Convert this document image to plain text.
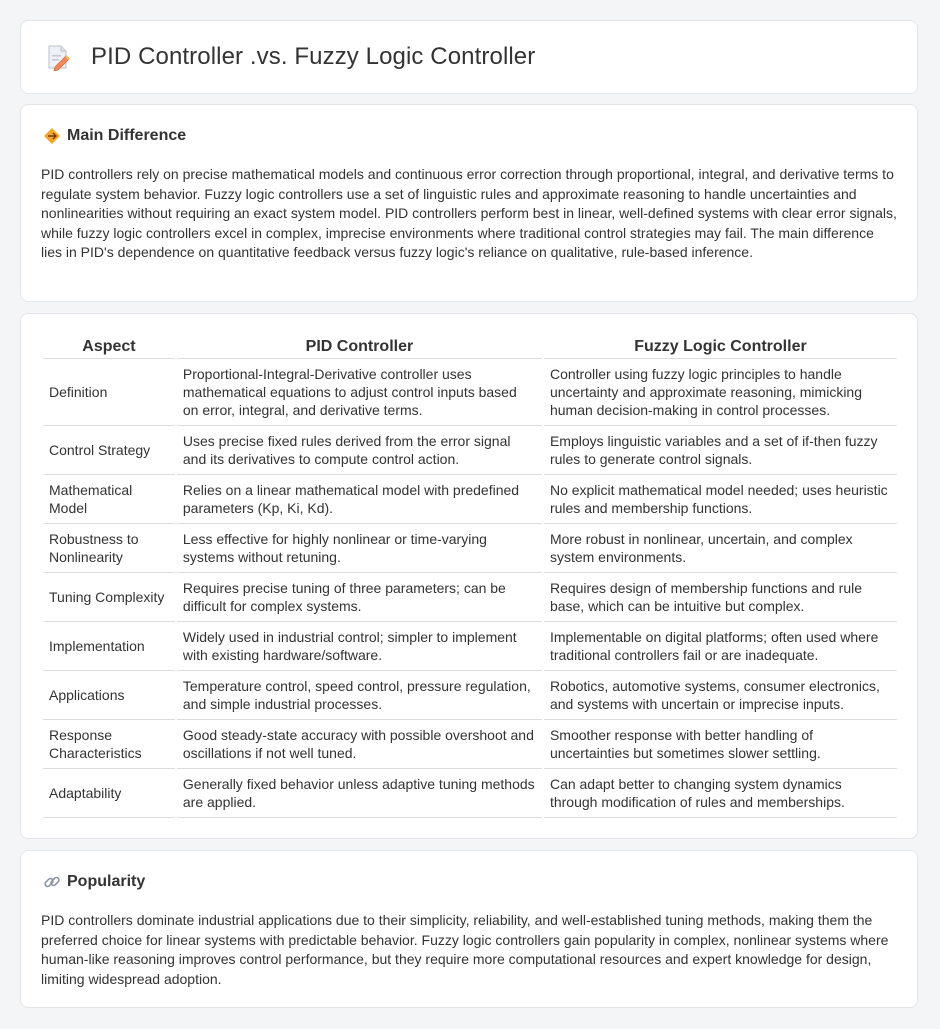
PID Controller .vs. Fuzzy Logic Controller
Main Difference

PID controllers rely on precise mathematical models and continuous error correction through proportional, integral, and derivative terms to regulate system behavior. Fuzzy logic controllers use a set of linguistic rules and approximate reasoning to handle uncertainties and nonlinearities without requiring an exact system model. PID controllers perform best in linear, well-defined systems with clear error signals, while fuzzy logic controllers excel in complex, imprecise environments where traditional control strategies may fail. The main difference lies in PID's dependence on quantitative feedback versus fuzzy logic's reliance on qualitative, rule-based inference.

Aspect	PID Controller	Fuzzy Logic Controller
Definition	Proportional-Integral-Derivative controller uses mathematical equations to adjust control inputs based on error, integral, and derivative terms.	Controller using fuzzy logic principles to handle uncertainty and approximate reasoning, mimicking human decision-making in control processes.
Control Strategy	Uses precise fixed rules derived from the error signal and its derivatives to compute control action.	Employs linguistic variables and a set of if-then fuzzy rules to generate control signals.
Mathematical Model	Relies on a linear mathematical model with predefined parameters (Kp, Ki, Kd).	No explicit mathematical model needed; uses heuristic rules and membership functions.
Robustness to Nonlinearity	Less effective for highly nonlinear or time-varying systems without retuning.	More robust in nonlinear, uncertain, and complex system environments.
Tuning Complexity	Requires precise tuning of three parameters; can be difficult for complex systems.	Requires design of membership functions and rule base, which can be intuitive but complex.
Implementation	Widely used in industrial control; simpler to implement with existing hardware/software.	Implementable on digital platforms; often used where traditional controllers fail or are inadequate.
Applications	Temperature control, speed control, pressure regulation, and simple industrial processes.	Robotics, automotive systems, consumer electronics, and systems with uncertain or imprecise inputs.
Response Characteristics	Good steady-state accuracy with possible overshoot and oscillations if not well tuned.	Smoother response with better handling of uncertainties but sometimes slower settling.
Adaptability	Generally fixed behavior unless adaptive tuning methods are applied.	Can adapt better to changing system dynamics through modification of rules and memberships.
Popularity

PID controllers dominate industrial applications due to their simplicity, reliability, and well-established tuning methods, making them the preferred choice for linear systems with predictable behavior. Fuzzy logic controllers gain popularity in complex, nonlinear systems where human-like reasoning improves control performance, but they require more computational resources and expert knowledge for design, limiting widespread adoption.
